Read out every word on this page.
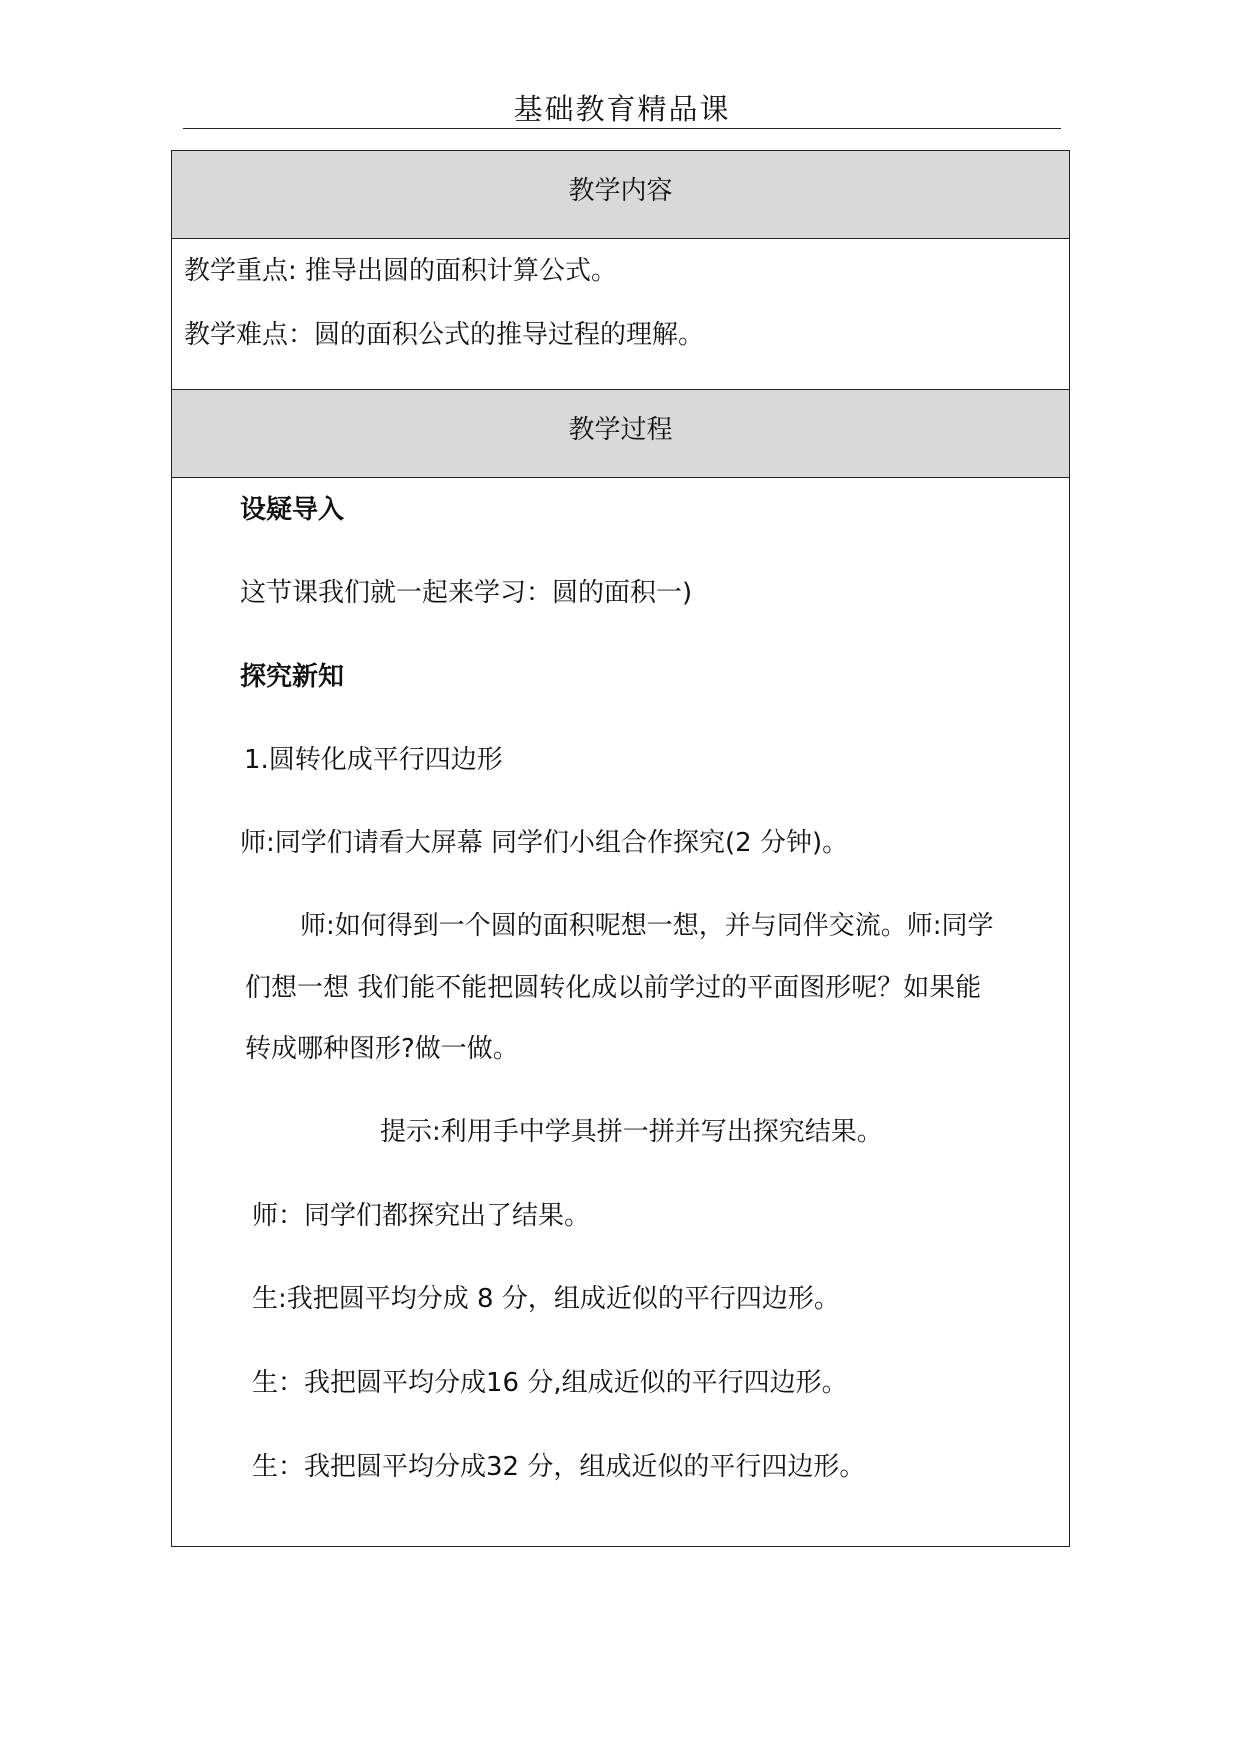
基础教育精品课
教学内容
教学重点: 推导出圆的面积计算公式。
教学难点：圆的面积公式的推导过程的理解。
教学过程
设疑导入
这节课我们就一起来学习：圆的面积一)
探究新知
1.圆转化成平行四边形
师:同学们请看大屏幕 同学们小组合作探究(2 分钟)。
师:如何得到一个圆的面积呢想一想，并与同伴交流。师:同学
们想一想 我们能不能把圆转化成以前学过的平面图形呢？如果能
转成哪种图形?做一做。
提示:利用手中学具拼一拼并写出探究结果。
师：同学们都探究出了结果。
生:我把圆平均分成 8 分，组成近似的平行四边形。
生：我把圆平均分成16 分,组成近似的平行四边形。
生：我把圆平均分成32 分，组成近似的平行四边形。
